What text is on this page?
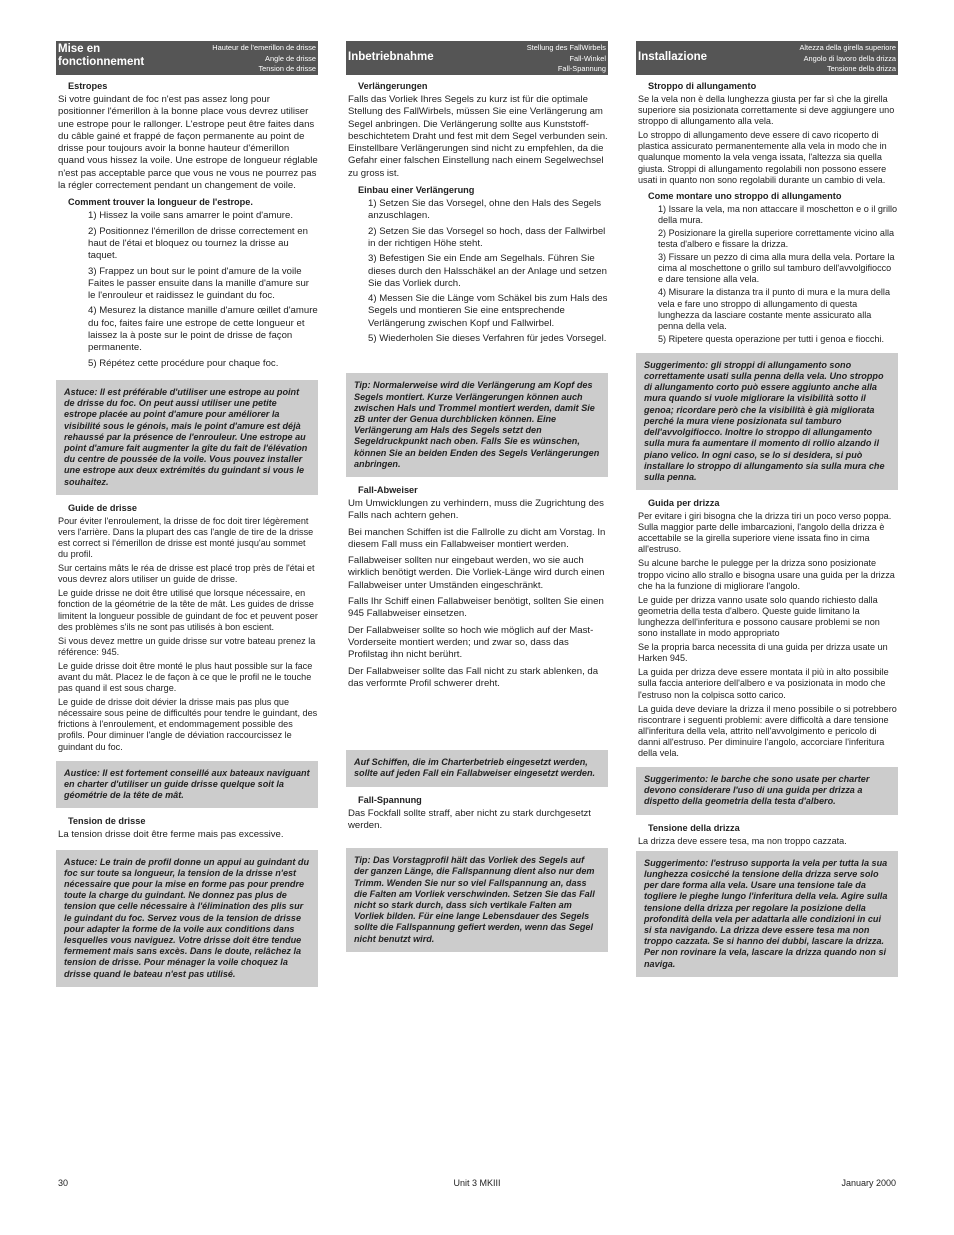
Mise en fonctionnement
Hauteur de l'emerillon de drisse
Angle de drisse
Tension de drisse
Estropes

Si votre guindant de foc n'est pas assez long pour positionner l'émerillon à la bonne place vous devrez utiliser une estrope pour le rallonger. L'estrope peut être faites dans du câble gainé et frappé de façon permanente au point de drisse pour toujours avoir la bonne hauteur d'émerillon quand vous hissez la voile. Une estrope de longueur réglable n'est pas acceptable parce que vous ne vous ne pourrez pas la régler correctement pendant un changement de voile.

Comment trouver la longueur de l'estrope.
1) Hissez la voile sans amarrer le point d'amure.
2) Positionnez l'émerillon de drisse correctement en haut de l'étai et bloquez ou tournez la drisse au taquet.
3) Frappez un bout sur le point d'amure de la voile Faites le passer ensuite dans la manille d'amure sur le l'enrouleur et raidissez le guindant du foc.
4) Mesurez la distance manille d'amure œillet d'amure du foc, faites faire une estrope de cette longueur et laissez la à poste sur le point de drisse de façon permanente.
5) Répétez cette procédure pour chaque foc.
Astuce: Il est préférable d'utiliser une estrope au point de drisse du foc. On peut aussi utiliser une petite estrope placée au point d'amure pour améliorer la visibilité sous le génois, mais le point d'amure est déjà rehaussé par la présence de l'enrouleur. Une estrope au point d'amure fait augmenter la gîte du fait de l'élévation du centre de poussée de la voile. Vous pouvez installer une estrope aux deux extrémités du guindant si vous le souhaitez.
Guide de drisse

Pour éviter l'enroulement, la drisse de foc doit tirer légèrement vers l'arrière. Dans la plupart des cas l'angle de tire de la drisse est correct si l'émerillon de drisse est monté jusqu'au sommet du profil.

Sur certains mâts le réa de drisse est placé trop près de l'étai et vous devrez alors utiliser un guide de drisse.

Le guide drisse ne doit être utilisé que lorsque nécessaire, en fonction de la géométrie de la tête de mât. Les guides de drisse limitent la longueur possible de guindant de foc et peuvent poser des problèmes s'ils ne sont pas utilisés à bon escient.

Si vous devez mettre un guide drisse sur votre bateau prenez la référence: 945.

Le guide drisse doit être monté le plus haut possible sur la face avant du mât. Placez le de façon à ce que le profil ne le touche pas quand il est sous charge.

Le guide de drisse doit dévier la drisse mais pas plus que nécessaire sous peine de difficultés pour tendre le guindant, des frictions à l'enroulement, et endommagement possible des profils. Pour diminuer l'angle de déviation raccourcissez le guindant du foc.

Austice: Il est fortement conseillé aux bateaux naviguant en charter d'utiliser un guide drisse quelque soit la géométrie de la tête de mât.
Tension de drisse

La tension drisse doit être ferme mais pas excessive.

Astuce: Le train de profil donne un appui au guindant du foc sur toute sa longueur, la tension de la drisse n'est nécessaire que pour la mise en forme pas pour prendre toute la charge du guindant. Ne donnez pas plus de tension que celle nécessaire à l'élimination des plis sur le guindant du foc. Servez vous de la tension de drisse pour adapter la forme de la voile aux conditions dans lesquelles vous naviguez. Votre drisse doit être tendue fermement mais sans excès. Dans le doute, relâchez la tension de drisse. Pour ménager la voile choquez la drisse quand le bateau n'est pas utilisé.
Inbetriebnahme
Stellung des FallWirbels
Fall-Winkel
Fall-Spannung
Verlängerungen

Falls das Vorliek Ihres Segels zu kurz ist für die optimale Stellung des FallWirbels, müssen Sie eine Verlängerung am Segel anbringen. Die Verlängerung sollte aus Kunststoff- beschichtetem Draht und fest mit dem Segel verbunden sein. Einstellbare Verlängerungen sind nicht zu empfehlen, da die Gefahr einer falschen Einstellung nach einem Segelwechsel zu gross ist.

Einbau einer Verlängerung
1) Setzen Sie das Vorsegel, ohne den Hals des Segels anzuschlagen.
2) Setzen Sie das Vorsegel so hoch, dass der Fallwirbel in der richtigen Höhe steht.
3) Befestigen Sie ein Ende am Segelhals. Führen Sie dieses durch den Halsschäkel an der Anlage und setzen Sie das Vorliek durch.
4) Messen Sie die Länge vom Schäkel bis zum Hals des Segels und montieren Sie eine entsprechende Verlängerung zwischen Kopf und Fallwirbel.
5) Wiederholen Sie dieses Verfahren für jedes Vorsegel.
Tip: Normalerweise wird die Verlängerung am Kopf des Segels montiert. Kurze Verlängerungen können auch zwischen Hals und Trommel montiert werden, damit Sie zB unter der Genua durchblicken können. Eine Verlängerung am Hals des Segels setzt den Segeldruckpunkt nach oben. Falls Sie es wünschen, können Sie an beiden Enden des Segels Verlängerungen anbringen.
Fall-Abweiser

Um Umwicklungen zu verhindern, muss die Zugrichtung des Falls nach achtern gehen.

Bei manchen Schiffen ist die Fallrolle zu dicht am Vorstag. In diesem Fall muss ein Fallabweiser montiert werden.

Fallabweiser sollten nur eingebaut werden, wo sie auch wirklich benötigt werden. Die Vorliek-Länge wird durch einen Fallabweiser unter Umständen eingeschränkt.

Falls Ihr Schiff einen Fallabweiser benötigt, sollten Sie einen 945 Fallabweiser einsetzen.

Der Fallabweiser sollte so hoch wie möglich auf der Mast-Vorderseite montiert werden; und zwar so, dass das Profilstag ihn nicht berührt.

Der Fallabweiser sollte das Fall nicht zu stark ablenken, da das verformte Profil schwerer dreht.

Auf Schiffen, die im Charterbetrieb eingesetzt werden, sollte auf jeden Fall ein Fallabweiser eingesetzt werden.
Fall-Spannung

Das Fockfall sollte straff, aber nicht zu stark durchgesetzt werden.

Tip: Das Vorstagprofil hält das Vorliek des Segels auf der ganzen Länge, die Fallspannung dient also nur dem Trimm. Wenden Sie nur so viel Fallspannung an, dass die Falten am Vorliek verschwinden. Setzen Sie das Fall nicht so stark durch, dass sich vertikale Falten am Vorliek bilden. Für eine lange Lebensdauer des Segels sollte die Fallspannung gefiert werden, wenn das Segel nicht benutzt wird.
Installazione
Altezza della girella superiore
Angolo di lavoro della drizza
Tensione della drizza
Stroppo di allungamento

Se la vela non è della lunghezza giusta per far sì che la girella superiore sia posizionata correttamente si deve aggiungere uno stroppo di allungamento alla vela.

Lo stroppo di allungamento deve essere di cavo ricoperto di plastica assicurato permanentemente alla vela in modo che in qualunque momento la vela venga issata, l'altezza sia quella giusta. Stroppi di allungamento regolabili non possono essere usati in quanto non sono regolabili durante un cambio di vela.

Come montare uno stroppo di allungamento
1) Issare la vela, ma non attaccare il moschetton e o il grillo della mura.
2) Posizionare la girella superiore correttamente vicino alla testa d'albero e fissare la drizza.
3) Fissare un pezzo di cima alla mura della vela. Portare la cima al moschettone o grillo sul tamburo dell'avvolgifiocco e dare tensione alla vela.
4) Misurare la distanza tra il punto di mura e la mura della vela e fare uno stroppo di allungamento di questa lunghezza da lasciare costante mente assicurato alla penna della vela.
5) Ripetere questa operazione per tutti i genoa e fiocchi.
Suggerimento: gli stroppi di allungamento sono correttamente usati sulla penna della vela. Uno stroppo di allungamento corto può essere aggiunto anche alla mura quando si vuole migliorare la visibilità sotto il genoa; ricordare però che la visibilità è già migliorata perché la mura viene posizionata sul tamburo dell'avvolgifiocco. Inoltre lo stroppo di allungamento sulla mura fa aumentare il momento di rollio alzando il piano velico. In ogni caso, se lo si desidera, si può installare lo stroppo di allungamento sia sulla mura che sulla penna.
Guida per drizza

Per evitare i giri bisogna che la drizza tiri un poco verso poppa. Sulla maggior parte delle imbarcazioni, l'angolo della drizza è accettabile se la girella superiore viene issata fino in cima all'estruso.

Su alcune barche le pulegge per la drizza sono posizionate troppo vicino allo strallo e bisogna usare una guida per la drizza che ha la funzione di migliorare l'angolo.

Le guide per drizza vanno usate solo quando richiesto dalla geometria della testa d'albero. Queste guide limitano la lunghezza dell'inferitura e possono causare problemi se non sono installate in modo appropriato

Se la propria barca necessita di una guida per drizza usate un Harken 945.

La guida per drizza deve essere montata il più in alto possibile sulla faccia anteriore dell'albero e va posizionata in modo che l'estruso non la colpisca sotto carico.

La guida deve deviare la drizza il meno possibile o si potrebbero riscontrare i seguenti problemi: avere difficoltà a dare tensione all'inferitura della vela, attrito nell'avvolgimento e pericolo di danni all'estruso. Per diminuire l'angolo, accorciare l'inferitura della vela.

Suggerimento: le barche che sono usate per charter devono considerare l'uso di una guida per drizza a dispetto della geometria della testa d'albero.
Tensione della drizza

La drizza deve essere tesa, ma non troppo cazzata.

Suggerimento: l'estruso supporta la vela per tutta la sua lunghezza cosicché la tensione della drizza serve solo per dare forma alla vela. Usare una tensione tale da togliere le pieghe lungo l'inferitura della vela. Agire sulla tensione della drizza per regolare la posizione della profondità della vela per adattarla alle condizioni in cui si sta navigando. La drizza deve essere tesa ma non troppo cazzata. Se si hanno dei dubbi, lascare la drizza. Per non rovinare la vela, lascare la drizza quando non si naviga.
30	Unit 3 MKIII	January 2000
